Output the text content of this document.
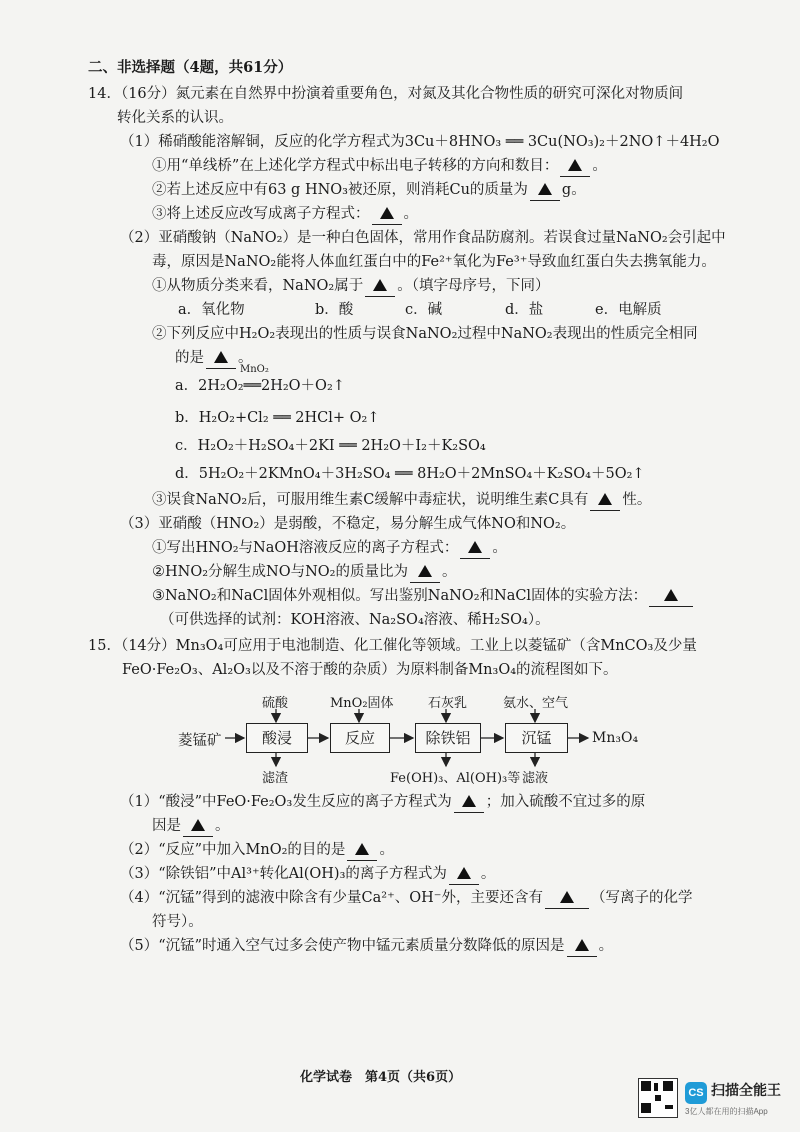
二、非选择题（4题，共61分）
14．（16分）氮元素在自然界中扮演着重要角色，对氮及其化合物性质的研究可深化对物质间
转化关系的认识。
（1）稀硝酸能溶解铜，反应的化学方程式为3Cu＋8HNO₃ ══ 3Cu(NO₃)₂＋2NO↑＋4H₂O
①用“单线桥”在上述化学方程式中标出电子转移的方向和数目： 。
②若上述反应中有63 g HNO₃被还原，则消耗Cu的质量为 g。
③将上述反应改写成离子方程式： 。
（2）亚硝酸钠（NaNO₂）是一种白色固体，常用作食品防腐剂。若误食过量NaNO₂会引起中
毒，原因是NaNO₂能将人体血红蛋白中的Fe²⁺氧化为Fe³⁺导致血红蛋白失去携氧能力。
①从物质分类来看，NaNO₂属于 。（填字母序号，下同）
a．氧化物	b．酸	c．碱	d．盐	e．电解质
②下列反应中H₂O₂表现出的性质与误食NaNO₂过程中NaNO₂表现出的性质完全相同
的是 。
MnO₂
a．2H₂O₂══2H₂O＋O₂↑
b．H₂O₂+Cl₂ ══ 2HCl+ O₂↑
c．H₂O₂＋H₂SO₄＋2KI ══ 2H₂O＋I₂＋K₂SO₄
d．5H₂O₂＋2KMnO₄＋3H₂SO₄ ══ 8H₂O＋2MnSO₄＋K₂SO₄＋5O₂↑
③误食NaNO₂后，可服用维生素C缓解中毒症状，说明维生素C具有 性。
（3）亚硝酸（HNO₂）是弱酸，不稳定，易分解生成气体NO和NO₂。
①写出HNO₂与NaOH溶液反应的离子方程式： 。
②HNO₂分解生成NO与NO₂的质量比为 。
③NaNO₂和NaCl固体外观相似。写出鉴别NaNO₂和NaCl固体的实验方法：
（可供选择的试剂：KOH溶液、Na₂SO₄溶液、稀H₂SO₄）。
15．（14分）Mn₃O₄可应用于电池制造、化工催化等领域。工业上以菱锰矿（含MnCO₃及少量
FeO·Fe₂O₃、Al₂O₃以及不溶于酸的杂质）为原料制备Mn₃O₄的流程图如下。
菱锰矿	酸浸	反应	除铁铝	沉锰	Mn₃O₄
硫酸	MnO₂固体	石灰乳	氨水、空气
滤渣	Fe(OH)₃、Al(OH)₃等 滤液
（1）“酸浸”中FeO·Fe₂O₃发生反应的离子方程式为 ；加入硫酸不宜过多的原
因是 。
（2）“反应”中加入MnO₂的目的是 。
（3）“除铁铝”中Al³⁺转化Al(OH)₃的离子方程式为 。
（4）“沉锰”得到的滤液中除含有少量Ca²⁺、OH⁻外，主要还含有	（写离子的化学
符号）。
（5）“沉锰”时通入空气过多会使产物中锰元素质量分数降低的原因是 。
化学试卷　第4页（共6页）
CS 扫描全能王
3亿人都在用的扫描App
